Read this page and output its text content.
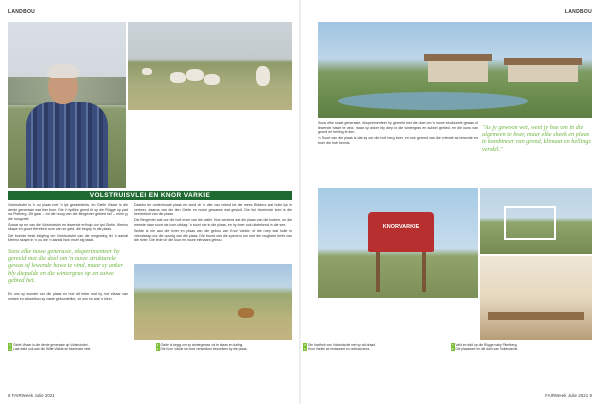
LANDBOU	LANDBOU
VOLSTRUISVLEI EN KNOR VARKIE

Volstruisvlei is 'n ou plaas met 'n lyk geskiedenis, en Gielie Visser is die derde generasie wat hier boer. Die 'n tydlike grond lê op die Rûgge op pad na Pietberg. Dit gaar – tot die hoog van die Bergrivier gebied hel – meer jy die hoogveld.

Sowat op en van die Volstruisvlei en lewende erfhulp oor tyd Gielie. Merino skape en groot Hereford nom van se geld, die begrip in die plaas.

Die boerde besit inligting om Volstruisvlei van die omgewing lei 'n aantal Merino skape in 'n ou die 'n aantal huis moet sig staal.

Soos elke nuwe generasie, eksperimenteer hy gereeld met die doel om 'n nuwe strukturele gewas of lewende hawe te vind, maar sy anker bly diepalde en die wintergras op en suiwe gebied het.

En ons sy wonder oor die plaas en hoe dit beter wat hy, toe elkaar van ontdek en wisselbou sy vaste geboortelike, vir ons en wat 'n klein.

Daarbu ter onderhoude plaas en word vir 'n dier van vriend tot die mees Ridders wat hulle lyk in verkeer, daarna van die tien Gielie en nuwe gewasse wat gesluit. Die hul bloeiende kom is die heerbeleid van die plaas.

Die Bergrivier wat oor die hoë erwe van die vallei. Hoe versierd dat die plaas van die bodem, en die meeste daar soort sie kom uitdag: 'n soort nie in die plaas, en hy boer ook uitstekend in die see.

Wolde is nie aan die rivier en plaas van die gebou van Knor Varkie, of die roep wat hulle in vriendskap oor die opvolg van die plaas. Die boord van die spens is om met die vrugbare herfs van die rivier. Die lede vir die kuur en nuwe eienaars gebou.

Soos elke nuwe generasie, eksperimenteer hy gereeld met die doel om 'n nuwe strukturele gewas of lewende hawe te vind, maar sy anker bly diep in die wintergras en suiwel gebied, en die kuns van grond en helling te ken.

'n Soort van die plaas is dat sy oor die hoë berg boer, en ons gereed van die vriende as lewende en boer die hoë kennis.

"As jy gewoon wet, weet jy hoe om in die algemeen te boer, maar elke sheek en plaas te kombineer van grond, klimaat en hellings verskil."
KNORVARKIE
1 Gielie Visser is die derde generasie op Volstruisvlei.
2 Laat weid ook aan die Witte Vlakte se bloeiende veld.
3 Gielie is begig om sy wintergewas vol te staan en daling.
4 Die Knor Varkie se bord verwelkom besoekers by die plaas.
5 Die hoofhek van Volstruisvlei met sy wit draad.
6 Knor Varkie se restaurant en onthaal-area.
7 Veld en wild op die Rûgge naby Piketberg.
8 Die plaaswerf en die dam van Volstruisvlei.
8 FAIRWeek Julie 2021	FAIRWeek Julie 2021 9
